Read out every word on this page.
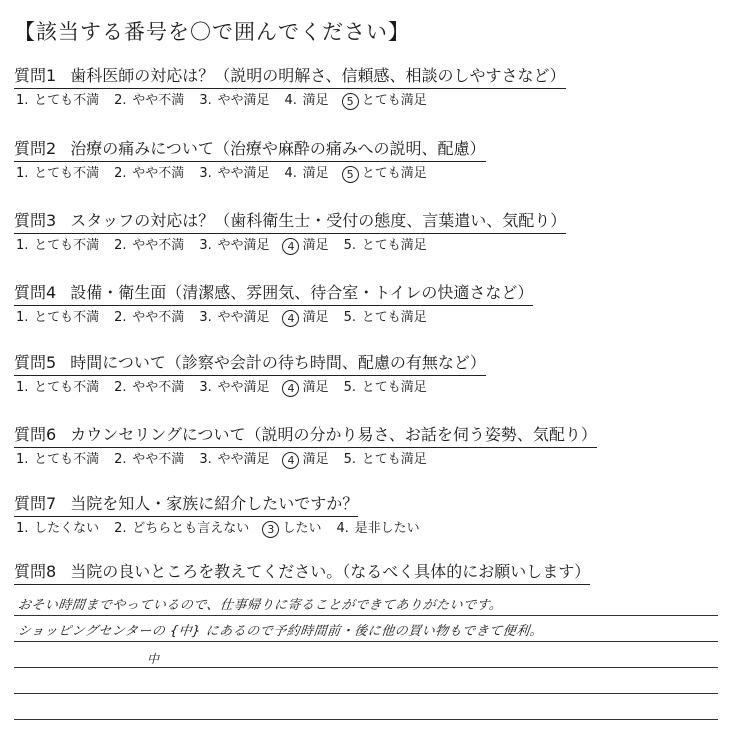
【該当する番号を〇で囲んでください】
質問1 歯科医師の対応は？（説明の明解さ、信頼感、相談のしやすさなど）
1. とても不満 2. やや不満 3. やや満足 4. 満足	5 とても満足
質問2 治療の痛みについて（治療や麻酔の痛みへの説明、配慮）
1. とても不満 2. やや不満 3. やや満足 4. 満足	5 とても満足
質問3 スタッフの対応は？（歯科衛生士・受付の態度、言葉遣い、気配り）
1. とても不満 2. やや不満 3. やや満足	4 満足 5. とても満足
質問4 設備・衛生面（清潔感、雰囲気、待合室・トイレの快適さなど）
1. とても不満 2. やや不満 3. やや満足	4 満足 5. とても満足
質問5 時間について（診察や会計の待ち時間、配慮の有無など）
1. とても不満 2. やや不満 3. やや満足	4 満足 5. とても満足
質問6 カウンセリングについて（説明の分かり易さ、お話を伺う姿勢、気配り）
1. とても不満 2. やや不満 3. やや満足	4 満足 5. とても満足
質問7 当院を知人・家族に紹介したいですか？
1. したくない 2. どちらとも言えない	3 したい 4. 是非したい
質問8 当院の良いところを教えてください。（なるべく具体的にお願いします）
おそい時間までやっているので、仕事帰りに寄ることができてありがたいです。
ショッピングセンターの {中} にあるので予約時間前・後に他の買い物もできて便利。
中
